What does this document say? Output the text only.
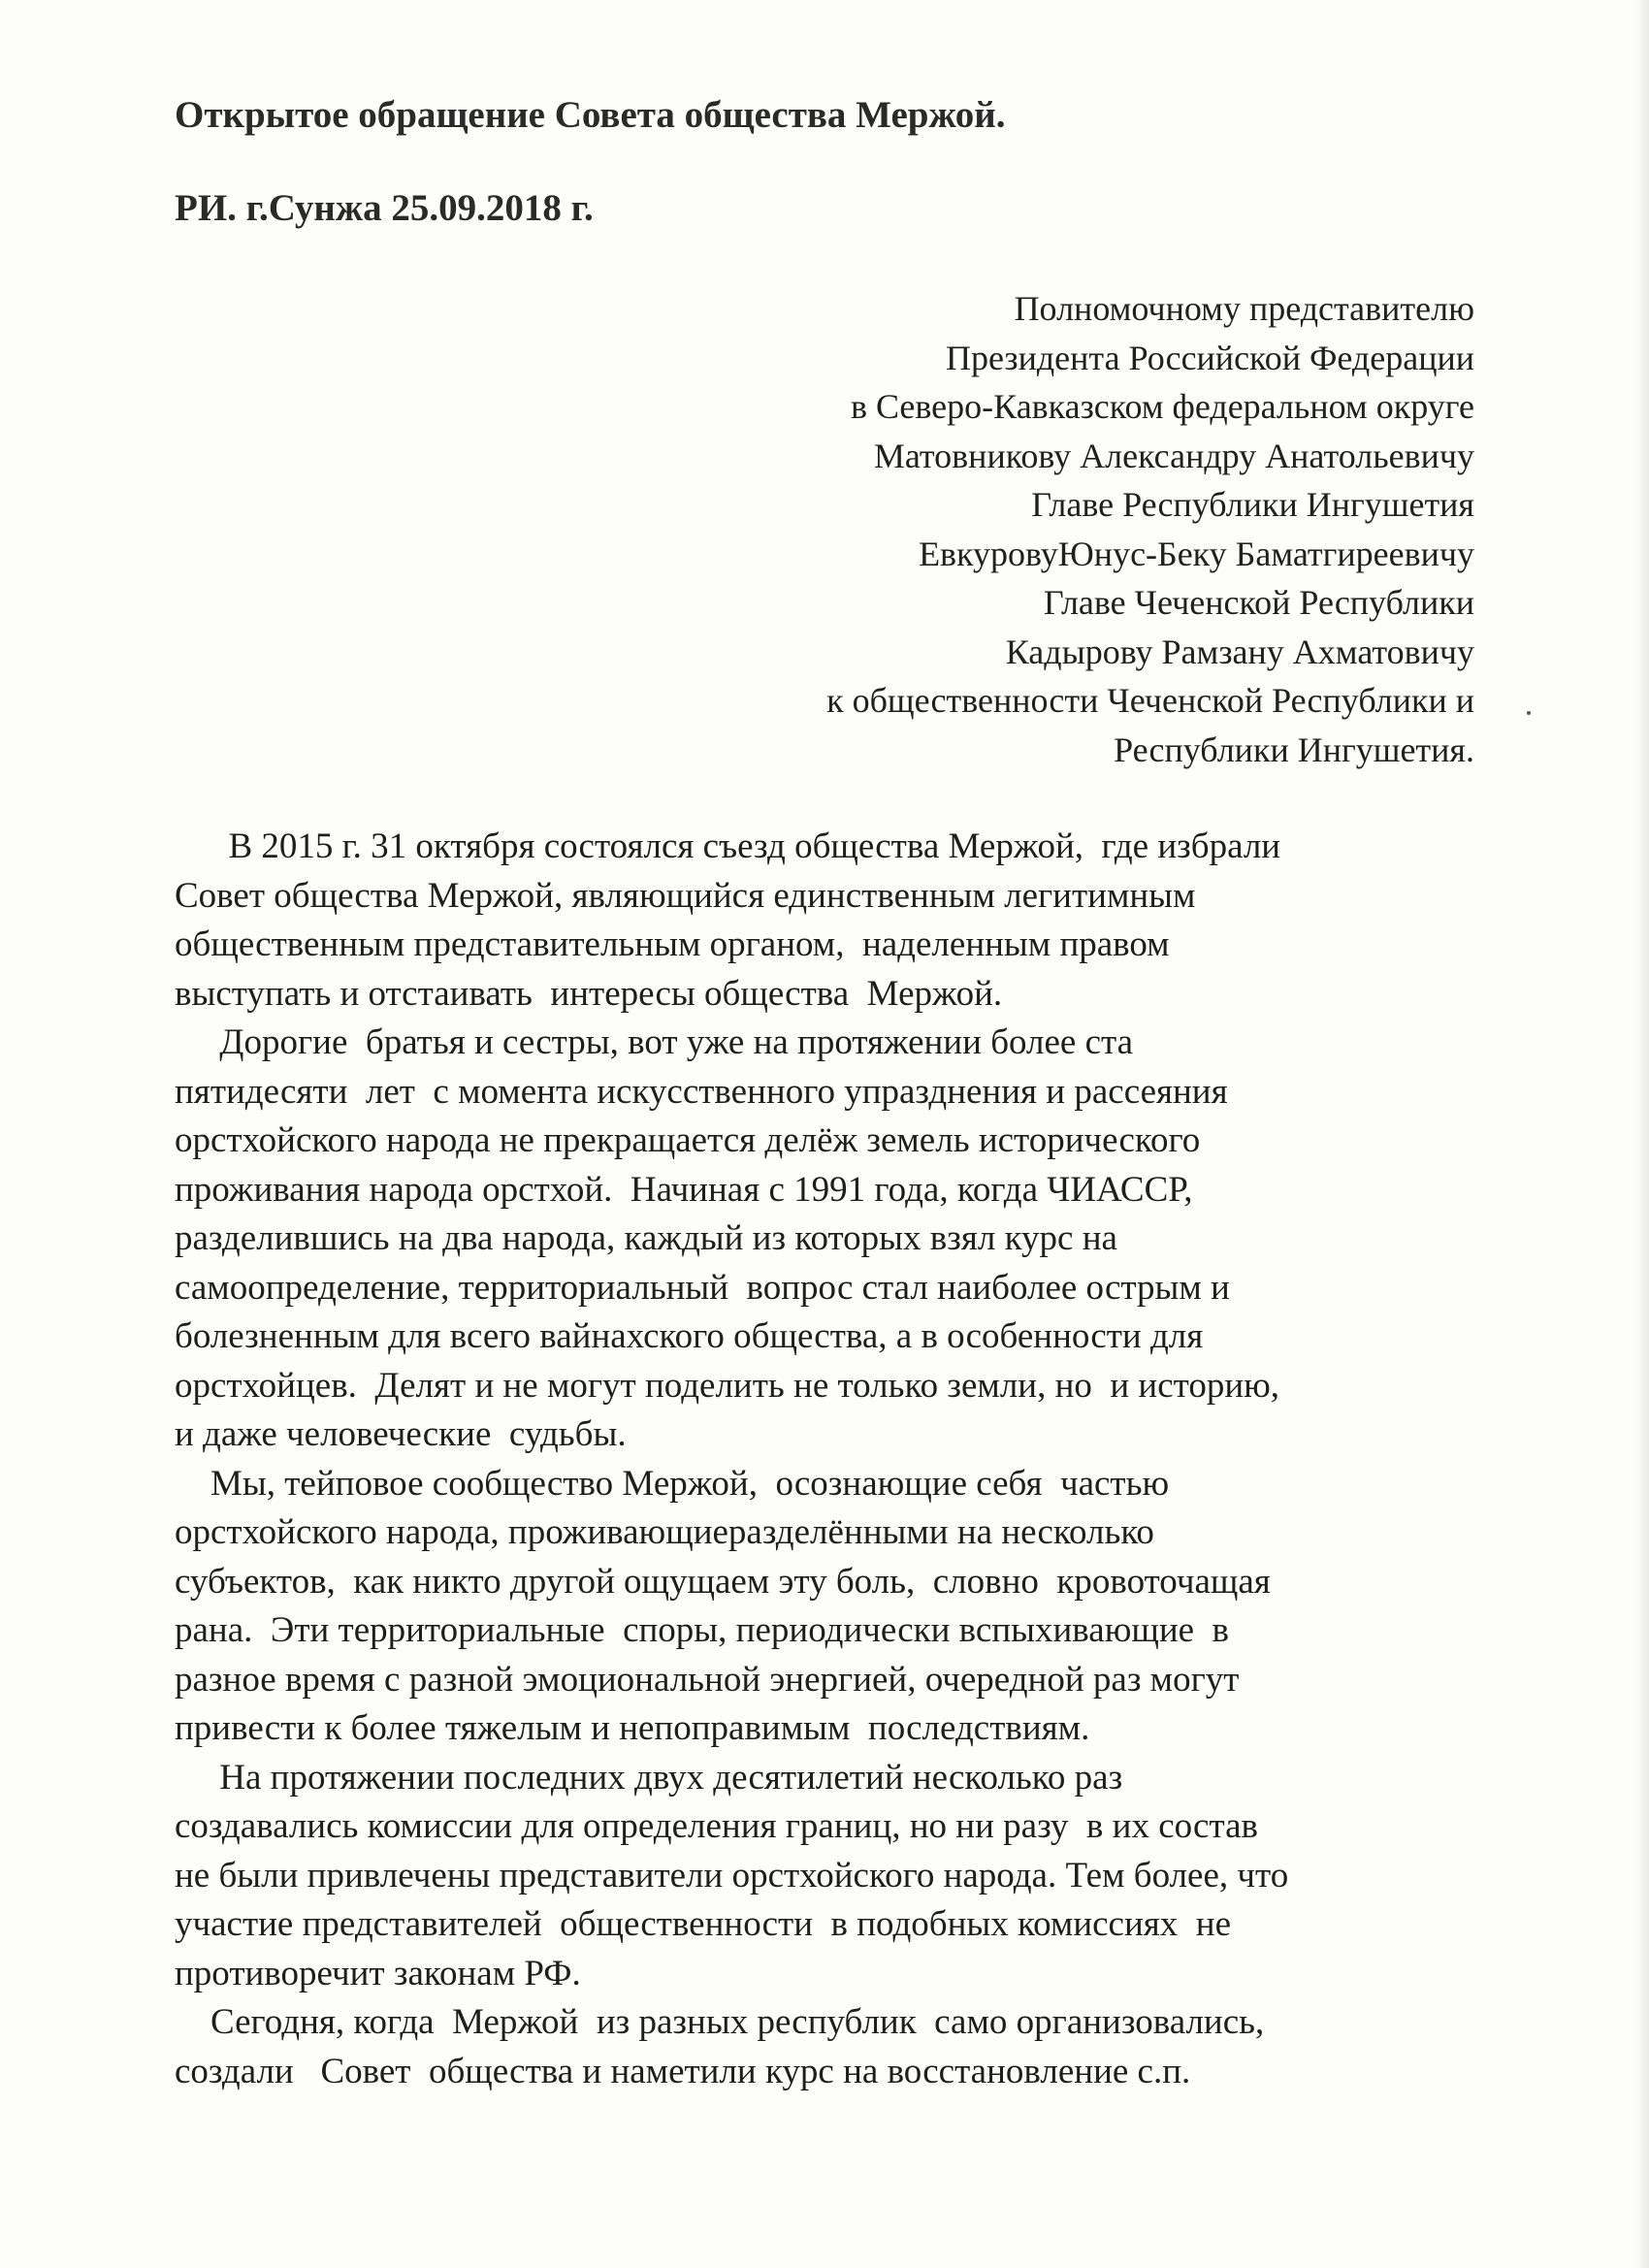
Открытое обращение Совета общества Мержой.
РИ. г.Сунжа 25.09.2018 г.
Полномочному представителю
Президента Российской Федерации
в Северо-Кавказском федеральном округе
Матовникову Александру Анатольевичу
Главе Республики Ингушетия
ЕвкуровуЮнус-Беку Баматгиреевичу
Главе Чеченской Республики
Кадырову Рамзану Ахматовичу
к общественности Чеченской Республики и
Республики Ингушетия.
В 2015 г. 31 октября состоялся съезд общества Мержой,  где избрали
Совет общества Мержой, являющийся единственным легитимным
общественным представительным органом,  наделенным правом
выступать и отстаивать  интересы общества  Мержой.
Дорогие  братья и сестры, вот уже на протяжении более ста
пятидесяти  лет  с момента искусственного упразднения и рассеяния
орстхойского народа не прекращается делёж земель исторического
проживания народа орстхой.  Начиная с 1991 года, когда ЧИАССР,
разделившись на два народа, каждый из которых взял курс на
самоопределение, территориальный  вопрос стал наиболее острым и
болезненным для всего вайнахского общества, а в особенности для
орстхойцев.  Делят и не могут поделить не только земли, но  и историю,
и даже человеческие  судьбы.
Мы, тейповое сообщество Мержой,  осознающие себя  частью
орстхойского народа, проживающиеразделёнными на несколько
субъектов,  как никто другой ощущаем эту боль,  словно  кровоточащая
рана.  Эти территориальные  споры, периодически вспыхивающие  в
разное время с разной эмоциональной энергией, очередной раз могут
привести к более тяжелым и непоправимым  последствиям.
На протяжении последних двух десятилетий несколько раз
создавались комиссии для определения границ, но ни разу  в их состав
не были привлечены представители орстхойского народа. Тем более, что
участие представителей  общественности  в подобных комиссиях  не
противоречит законам РФ.
Сегодня, когда  Мержой  из разных республик  само организовались,
создали   Совет  общества и наметили курс на восстановление с.п.
